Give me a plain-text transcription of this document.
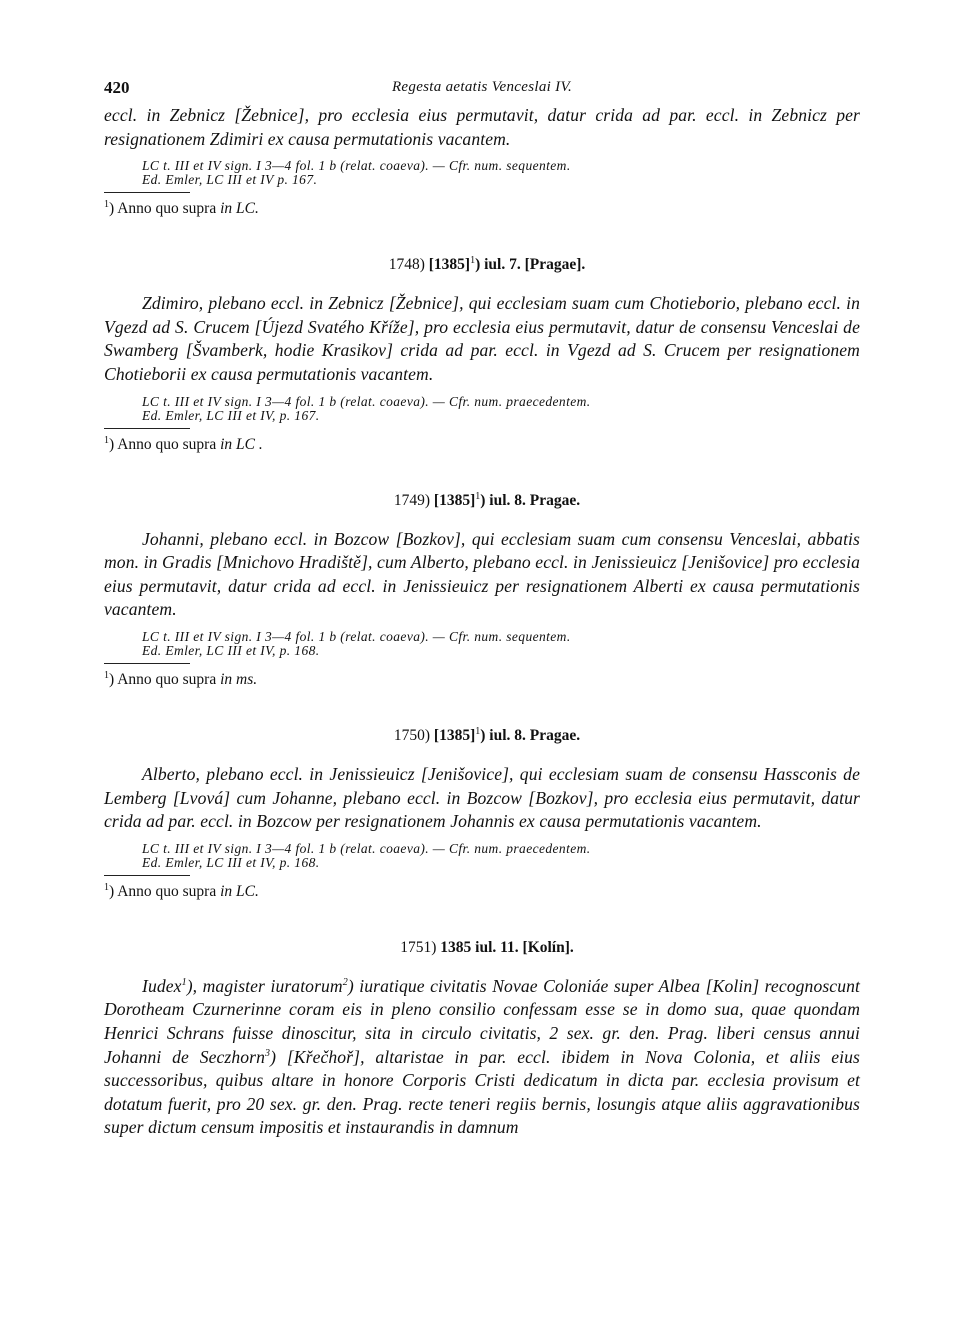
420	Regesta aetatis Venceslai IV.

eccl. in Zebnicz [Žebnice], pro ecclesia eius permutavit, datur crida ad par. eccl. in Zebnicz per resignationem Zdimiri ex causa permutationis vacantem.

LC t. III et IV sign. I 3—4 fol. 1 b (relat. coaeva). — Cfr. num. sequentem.
Ed. Emler, LC III et IV p. 167.
$^1$) Anno quo supra in LC.
1748) $[1385]^1$) iul. 7. [Pragae].

Zdimiro, plebano eccl. in Zebnicz [Žebnice], qui ecclesiam suam cum Chotieborio, plebano eccl. in Vgezd ad S. Crucem [Újezd Svatého Kříže], pro ecclesia eius permutavit, datur de consensu Venceslai de Swamberg [Švamberk, hodie Krasikov] crida ad par. eccl. in Vgezd ad S. Crucem per resignationem Chotieborii ex causa permutationis vacantem.

LC t. III et IV sign. I 3—4 fol. 1 b (relat. coaeva). — Cfr. num. praecedentem.
Ed. Emler, LC III et IV, p. 167.
$^1$) Anno quo supra in LC .
1749) $[1385]^1$) iul. 8. Pragae.

Johanni, plebano eccl. in Bozcow [Bozkov], qui ecclesiam suam cum consensu Venceslai, abbatis mon. in Gradis [Mnichovo Hradiště], cum Alberto, plebano eccl. in Jenissieuicz [Jenišovice] pro ecclesia eius permutavit, datur crida ad eccl. in Jenissieuicz per resignationem Alberti ex causa permutationis vacantem.

LC t. III et IV sign. I 3—4 fol. 1 b (relat. coaeva). — Cfr. num. sequentem.
Ed. Emler, LC III et IV, p. 168.
$^1$) Anno quo supra in ms.
1750) $[1385]^1$) iul. 8. Pragae.

Alberto, plebano eccl. in Jenissieuicz [Jenišovice], qui ecclesiam suam de consensu Hassconis de Lemberg [Lvová] cum Johanne, plebano eccl. in Bozcow [Bozkov], pro ecclesia eius permutavit, datur crida ad par. eccl. in Bozcow per resignationem Johannis ex causa permutationis vacantem.

LC t. III et IV sign. I 3—4 fol. 1 b (relat. coaeva). — Cfr. num. praecedentem.
Ed. Emler, LC III et IV, p. 168.
$^1$) Anno quo supra in LC.
1751) 1385 iul. 11. [Kolín].

Iudex$^1$), magister iuratorum$^2$) iuratique civitatis Novae Coloniáe super Albea [Kolin] recognoscunt Dorotheam Czurnerinne coram eis in pleno consilio confessam esse se in domo sua, quae quondam Henrici Schrans fuisse dinoscitur, sita in circulo civitatis, 2 sex. gr. den. Prag. liberi census annui Johanni de Seczhorn$^3$) [Křečhoř], altaristae in par. eccl. ibidem in Nova Colonia, et aliis eius successoribus, quibus altare in honore Corporis Cristi dedicatum in dicta par. ecclesia provisum et dotatum fuerit, pro 20 sex. gr. den. Prag. recte teneri regiis bernis, losungis atque aliis aggravationibus super dictum censum impositis et instaurandis in damnum
